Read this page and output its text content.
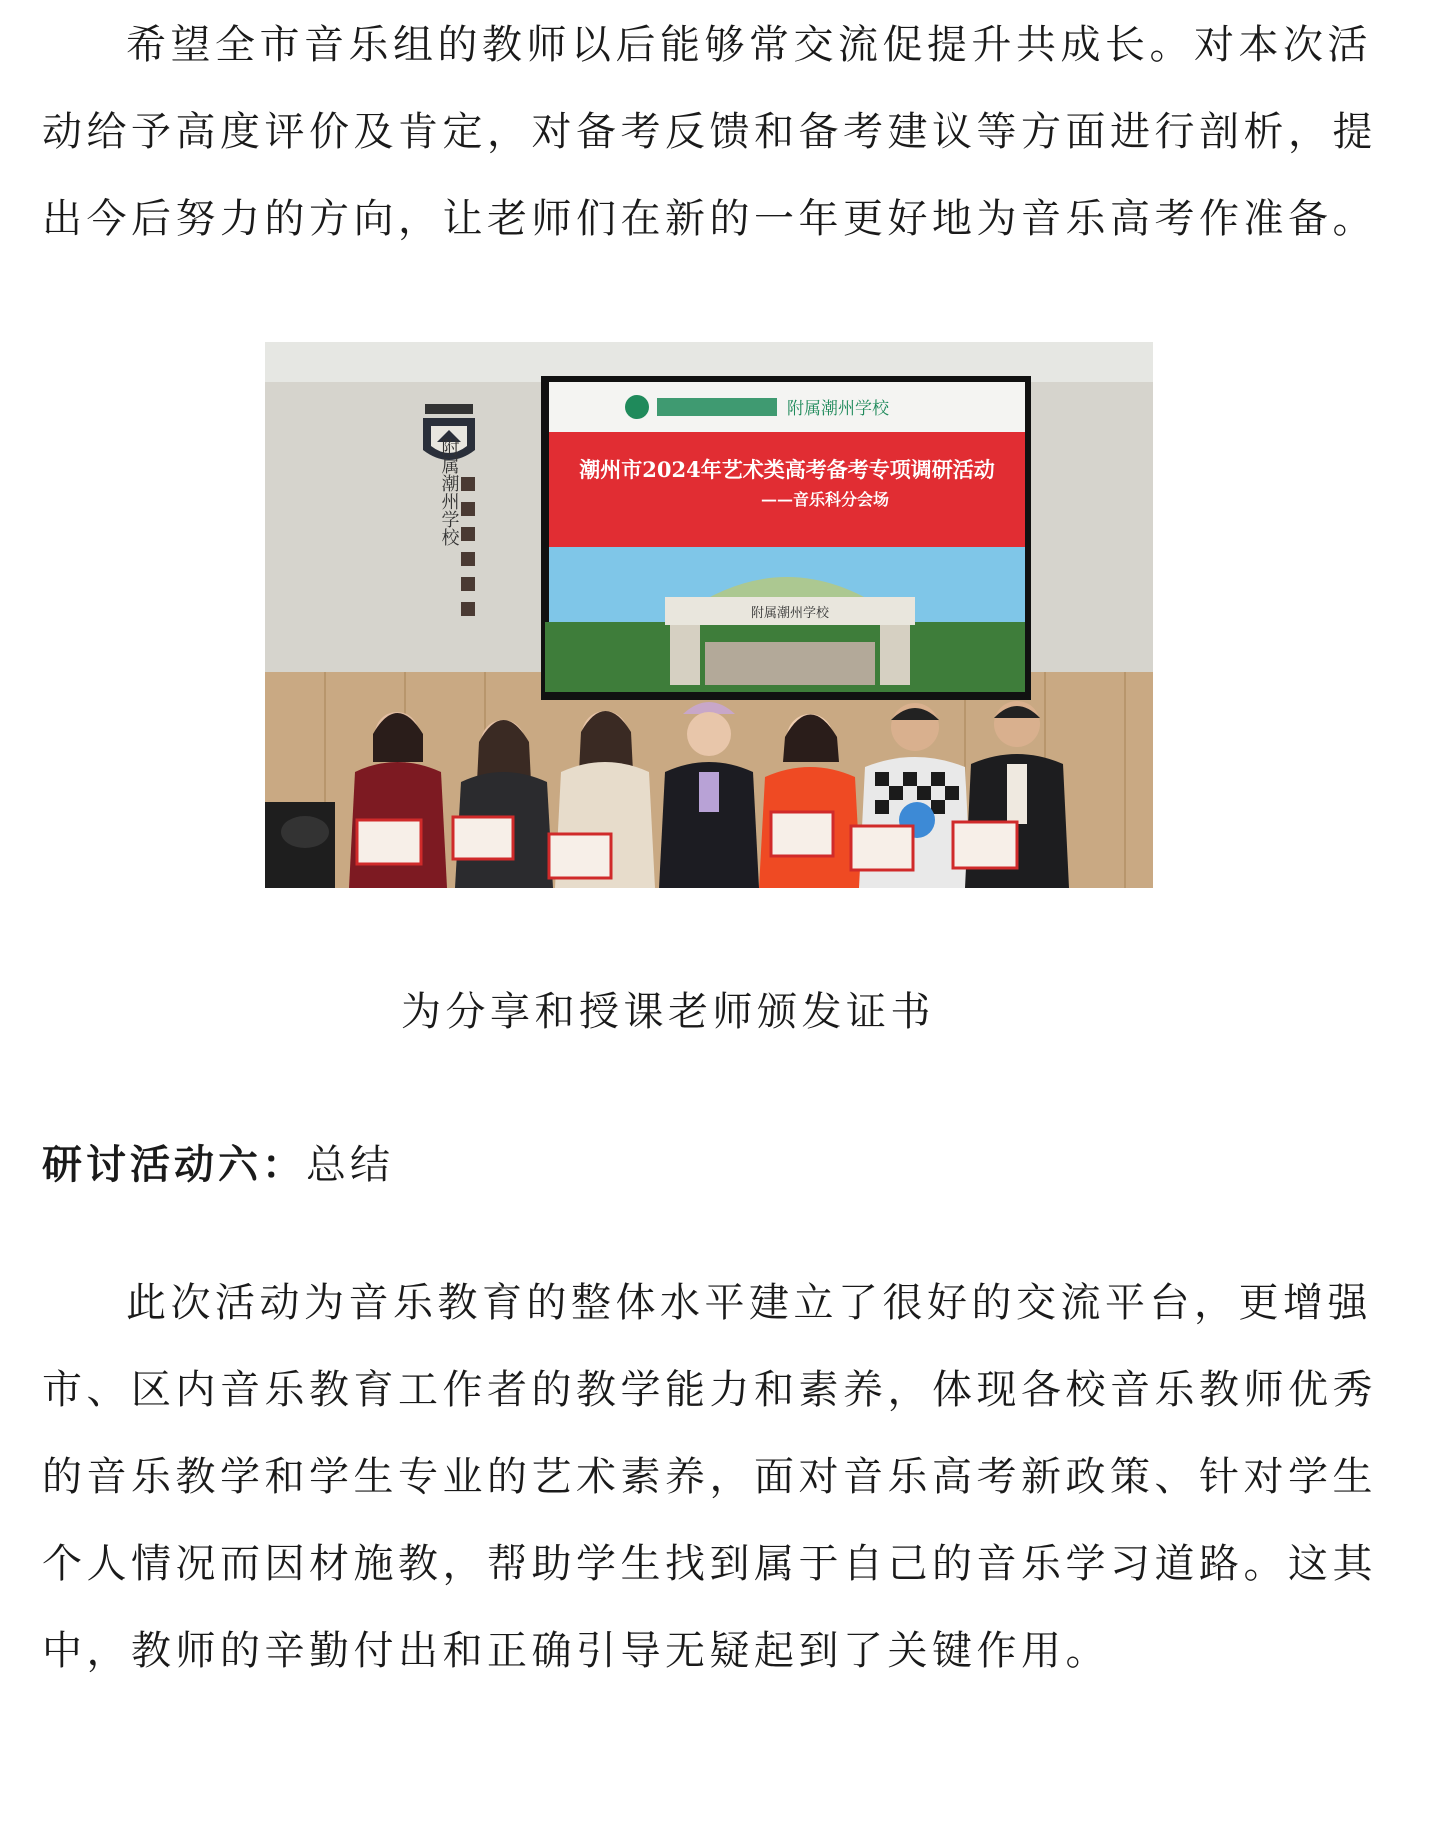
希望全市音乐组的教师以后能够常交流促提升共成长。对本次活动给予高度评价及肯定，对备考反馈和备考建议等方面进行剖析，提出今后努力的方向，让老师们在新的一年更好地为音乐高考作准备。

附属潮州学校
附属潮州学校
潮州市2024年艺术类高考备考专项调研活动
——音乐科分会场
附属潮州学校

为分享和授课老师颁发证书

研讨活动六：总结

此次活动为音乐教育的整体水平建立了很好的交流平台，更增强市、区内音乐教育工作者的教学能力和素养，体现各校音乐教师优秀的音乐教学和学生专业的艺术素养，面对音乐高考新政策、针对学生个人情况而因材施教，帮助学生找到属于自己的音乐学习道路。这其中，教师的辛勤付出和正确引导无疑起到了关键作用。
